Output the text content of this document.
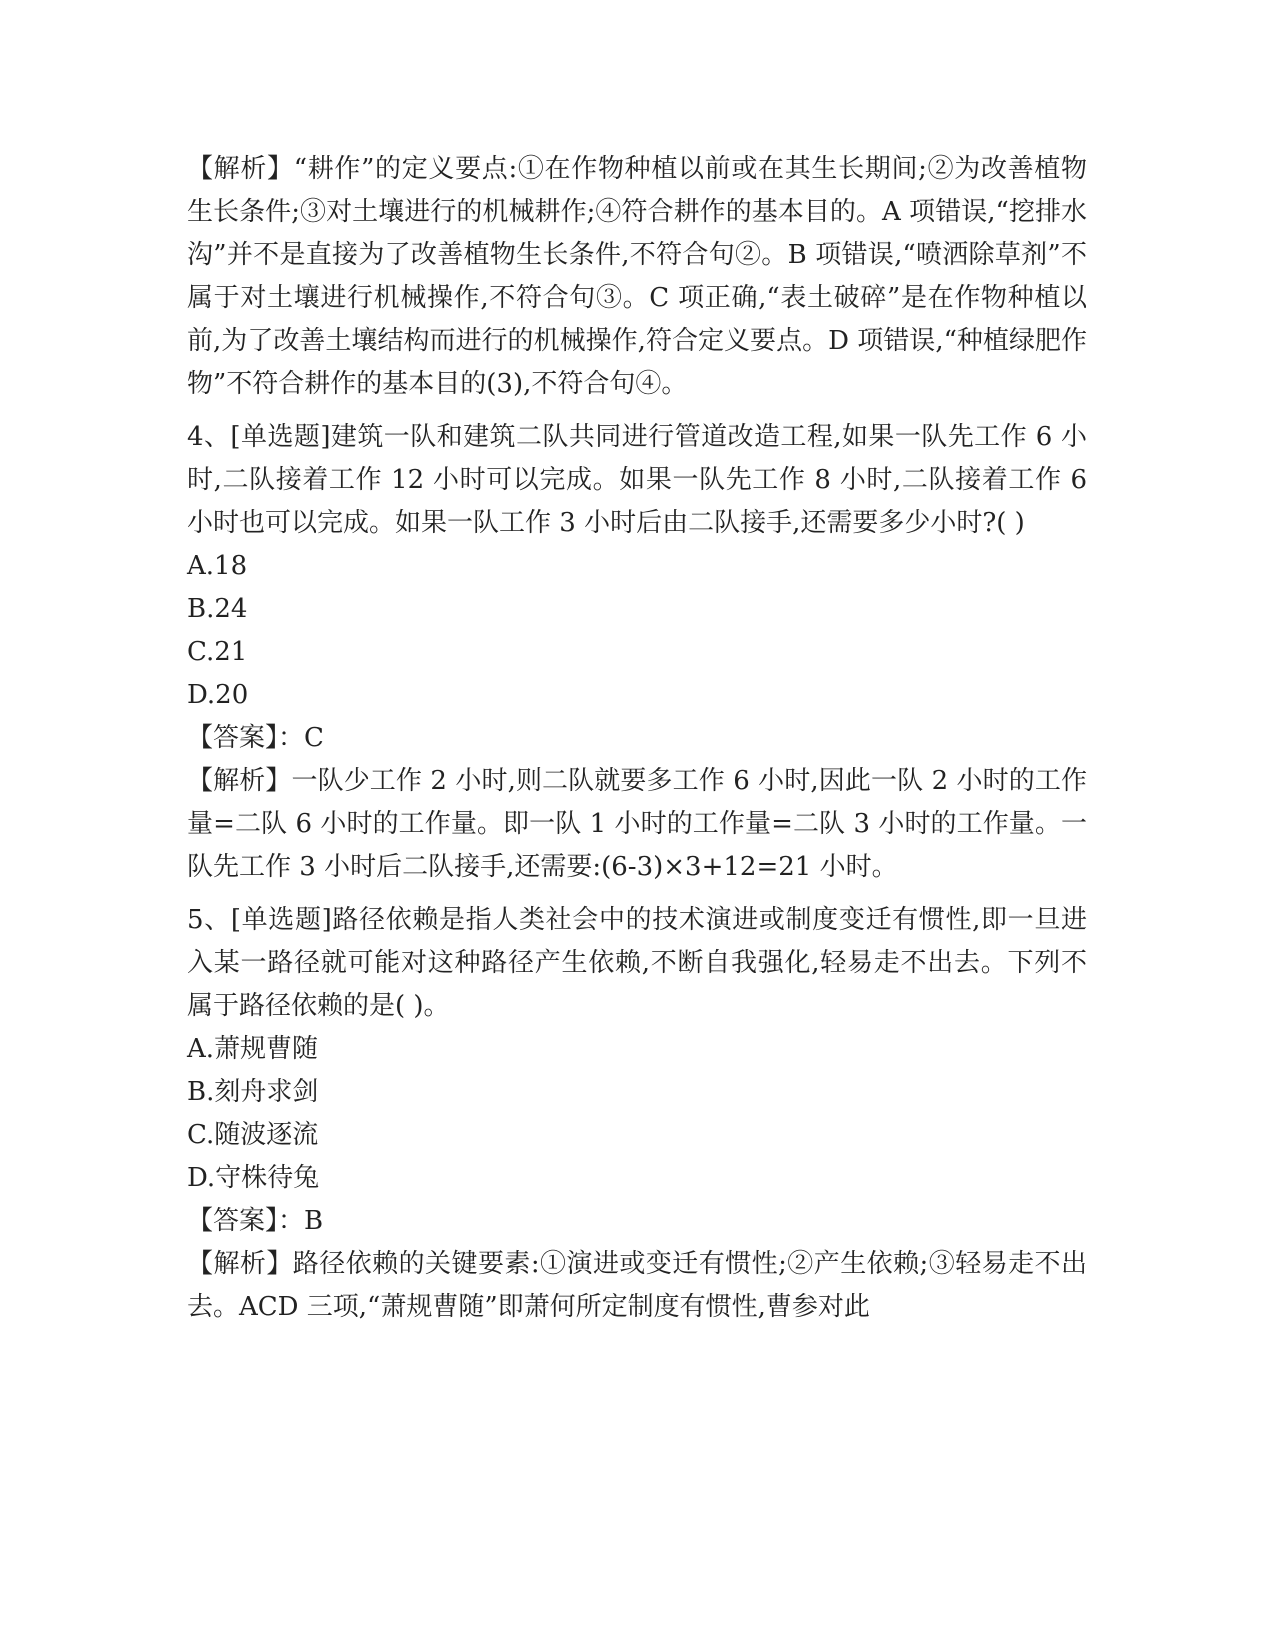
【解析】“耕作”的定义要点:①在作物种植以前或在其生长期间;②为改善植物生长条件;③对土壤进行的机械耕作;④符合耕作的基本目的。A 项错误,“挖排水沟”并不是直接为了改善植物生长条件,不符合句②。B 项错误,“喷洒除草剂”不属于对土壤进行机械操作,不符合句③。C 项正确,“表土破碎”是在作物种植以前,为了改善土壤结构而进行的机械操作,符合定义要点。D 项错误,“种植绿肥作物”不符合耕作的基本目的(3),不符合句④。

4、[单选题]建筑一队和建筑二队共同进行管道改造工程,如果一队先工作 6 小时,二队接着工作 12 小时可以完成。如果一队先工作 8 小时,二队接着工作 6 小时也可以完成。如果一队工作 3 小时后由二队接手,还需要多少小时?( )

A.18

B.24

C.21

D.20

【答案】：C

【解析】一队少工作 2 小时,则二队就要多工作 6 小时,因此一队 2 小时的工作量=二队 6 小时的工作量。即一队 1 小时的工作量=二队 3 小时的工作量。一队先工作 3 小时后二队接手,还需要:(6-3)×3+12=21 小时。

5、[单选题]路径依赖是指人类社会中的技术演进或制度变迁有惯性,即一旦进入某一路径就可能对这种路径产生依赖,不断自我强化,轻易走不出去。下列不属于路径依赖的是( )。

A.萧规曹随

B.刻舟求剑

C.随波逐流

D.守株待兔

【答案】：B

【解析】路径依赖的关键要素:①演进或变迁有惯性;②产生依赖;③轻易走不出去。ACD 三项,“萧规曹随”即萧何所定制度有惯性,曹参对此
